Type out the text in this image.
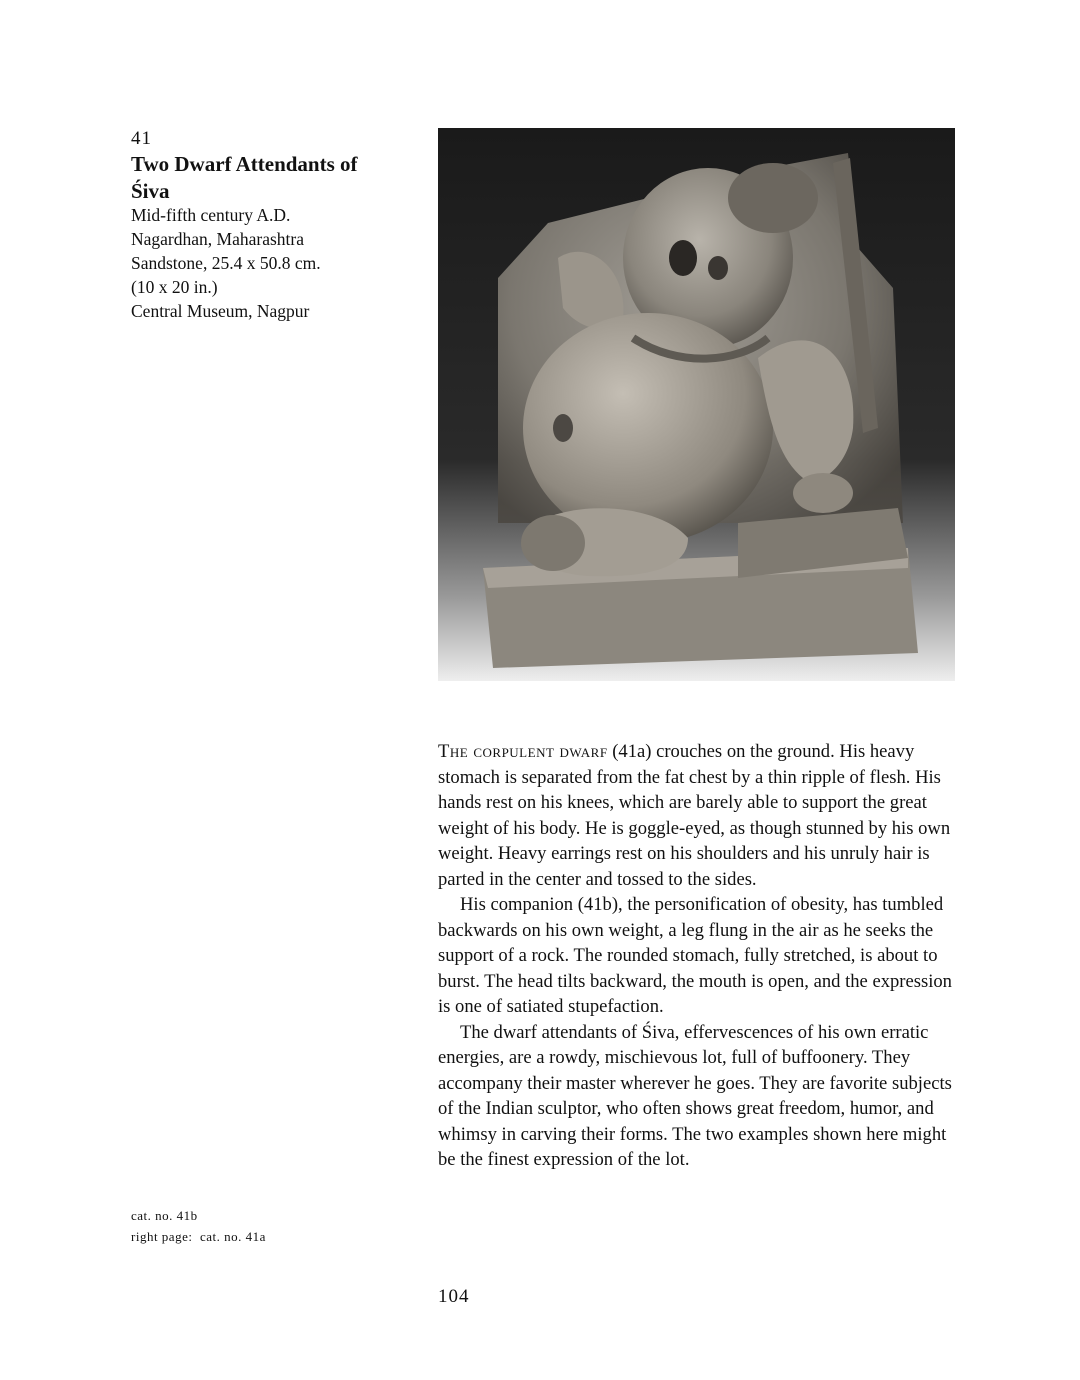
41
Two Dwarf Attendants of Śiva
Mid-fifth century A.D.
Nagardhan, Maharashtra
Sandstone, 25.4 x 50.8 cm.
(10 x 20 in.)
Central Museum, Nagpur

The corpulent dwarf (41a) crouches on the ground. His heavy stomach is separated from the fat chest by a thin ripple of flesh. His hands rest on his knees, which are barely able to support the great weight of his body. He is goggle-eyed, as though stunned by his own weight. Heavy earrings rest on his shoulders and his unruly hair is parted in the center and tossed to the sides.

His companion (41b), the personification of obesity, has tumbled backwards on his own weight, a leg flung in the air as he seeks the support of a rock. The rounded stomach, fully stretched, is about to burst. The head tilts backward, the mouth is open, and the expression is one of satiated stupefaction.

The dwarf attendants of Śiva, effervescences of his own erratic energies, are a rowdy, mischievous lot, full of buffoonery. They accompany their master wherever he goes. They are favorite subjects of the Indian sculptor, who often shows great freedom, humor, and whimsy in carving their forms. The two examples shown here might be the finest expression of the lot.

cat. no. 41b
right page:  cat. no. 41a
104
